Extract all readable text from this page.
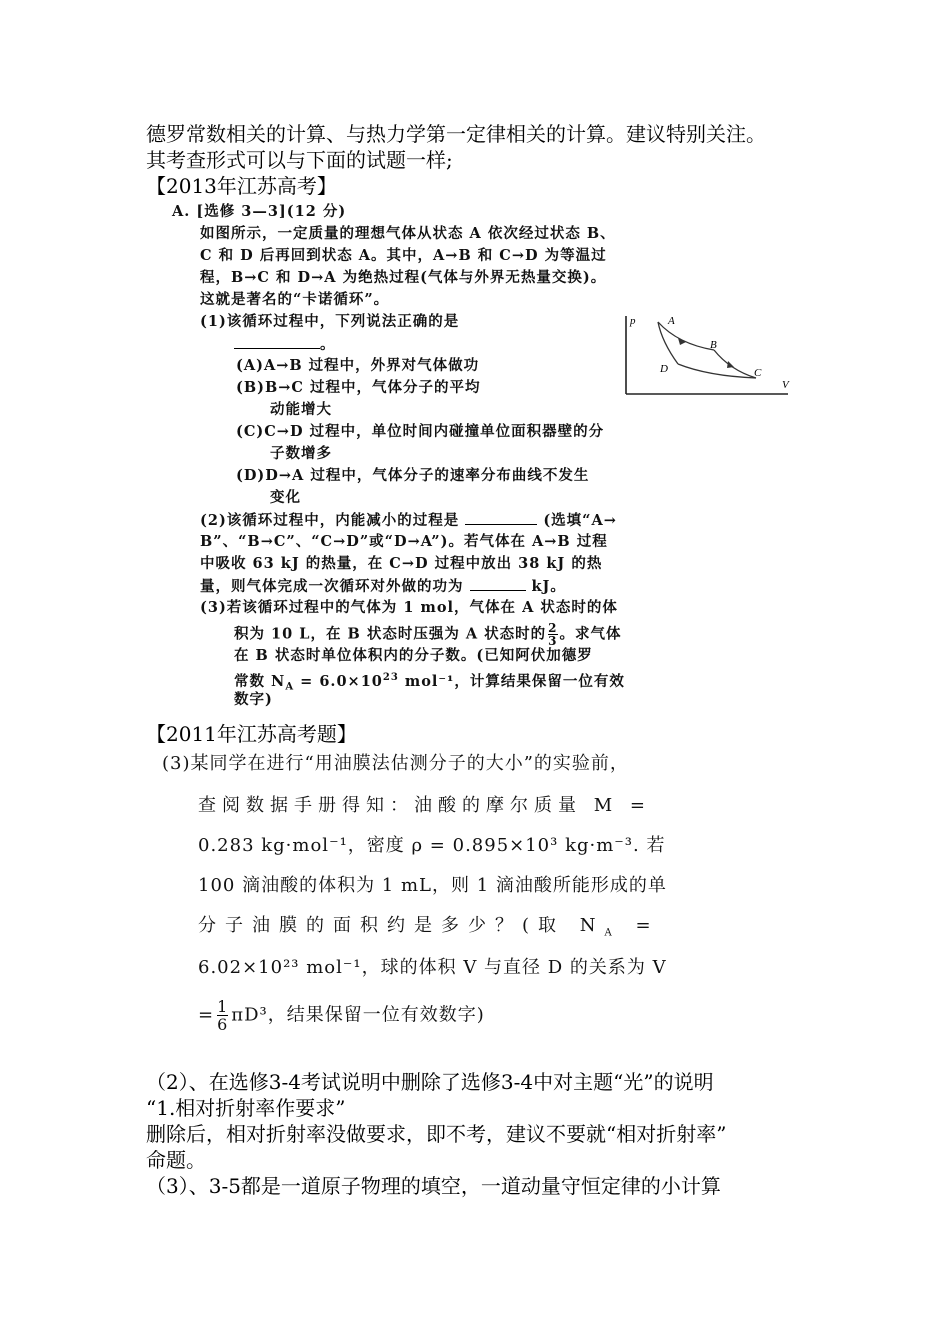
德罗常数相关的计算、与热力学第一定律相关的计算。建议特别关注。
其考查形式可以与下面的试题一样;
【2013年江苏高考】
A. [选修 3—3](12 分)
如图所示，一定质量的理想气体从状态 A 依次经过状态 B、
C 和 D 后再回到状态 A。其中，A→B 和 C→D 为等温过
程，B→C 和 D→A 为绝热过程(气体与外界无热量交换)。
这就是著名的“卡诺循环”。
(1)该循环过程中，下列说法正确的是
。
(A)A→B 过程中，外界对气体做功
(B)B→C 过程中，气体分子的平均
动能增大
(C)C→D 过程中，单位时间内碰撞单位面积器壁的分
子数增多
(D)D→A 过程中，气体分子的速率分布曲线不发生
变化
(2)该循环过程中，内能减小的过程是	(选填“A→
B”、“B→C”、“C→D”或“D→A”)。若气体在 A→B 过程
中吸收 63 kJ 的热量，在 C→D 过程中放出 38 kJ 的热
量，则气体完成一次循环对外做的功为	kJ。
(3)若该循环过程中的气体为 1 mol，气体在 A 状态时的体
积为 10 L，在 B 状态时压强为 A 状态时的 $\frac{2}{3}$ 。求气体
在 B 状态时单位体积内的分子数。(已知阿伏加德罗
常数 $N_A = 6.0\times 10^{23}$ mol⁻¹，计算结果保留一位有效
数字)
p
V
A
B
C
D
【2011年江苏高考题】
(3)某同学在进行“用油膜法估测分子的大小”的实验前，
查阅数据手册得知：油酸的摩尔质量 M =
0.283 kg·mol⁻¹，密度 ρ = 0.895×10³ kg·m⁻³. 若
100 滴油酸的体积为 1 mL，则 1 滴油酸所能形成的单
分子油膜的面积约是多少？(取 $N_A$ =
6.02×10²³ mol⁻¹，球的体积 V 与直径 D 的关系为 V
= $\frac{1}{6} \pi D^3$，结果保留一位有效数字)
（2）、在选修3-4考试说明中删除了选修3-4中对主题“光”的说明
“1.相对折射率作要求”
删除后，相对折射率没做要求，即不考，建议不要就“相对折射率”
命题。
（3）、3-5都是一道原子物理的填空，一道动量守恒定律的小计算
